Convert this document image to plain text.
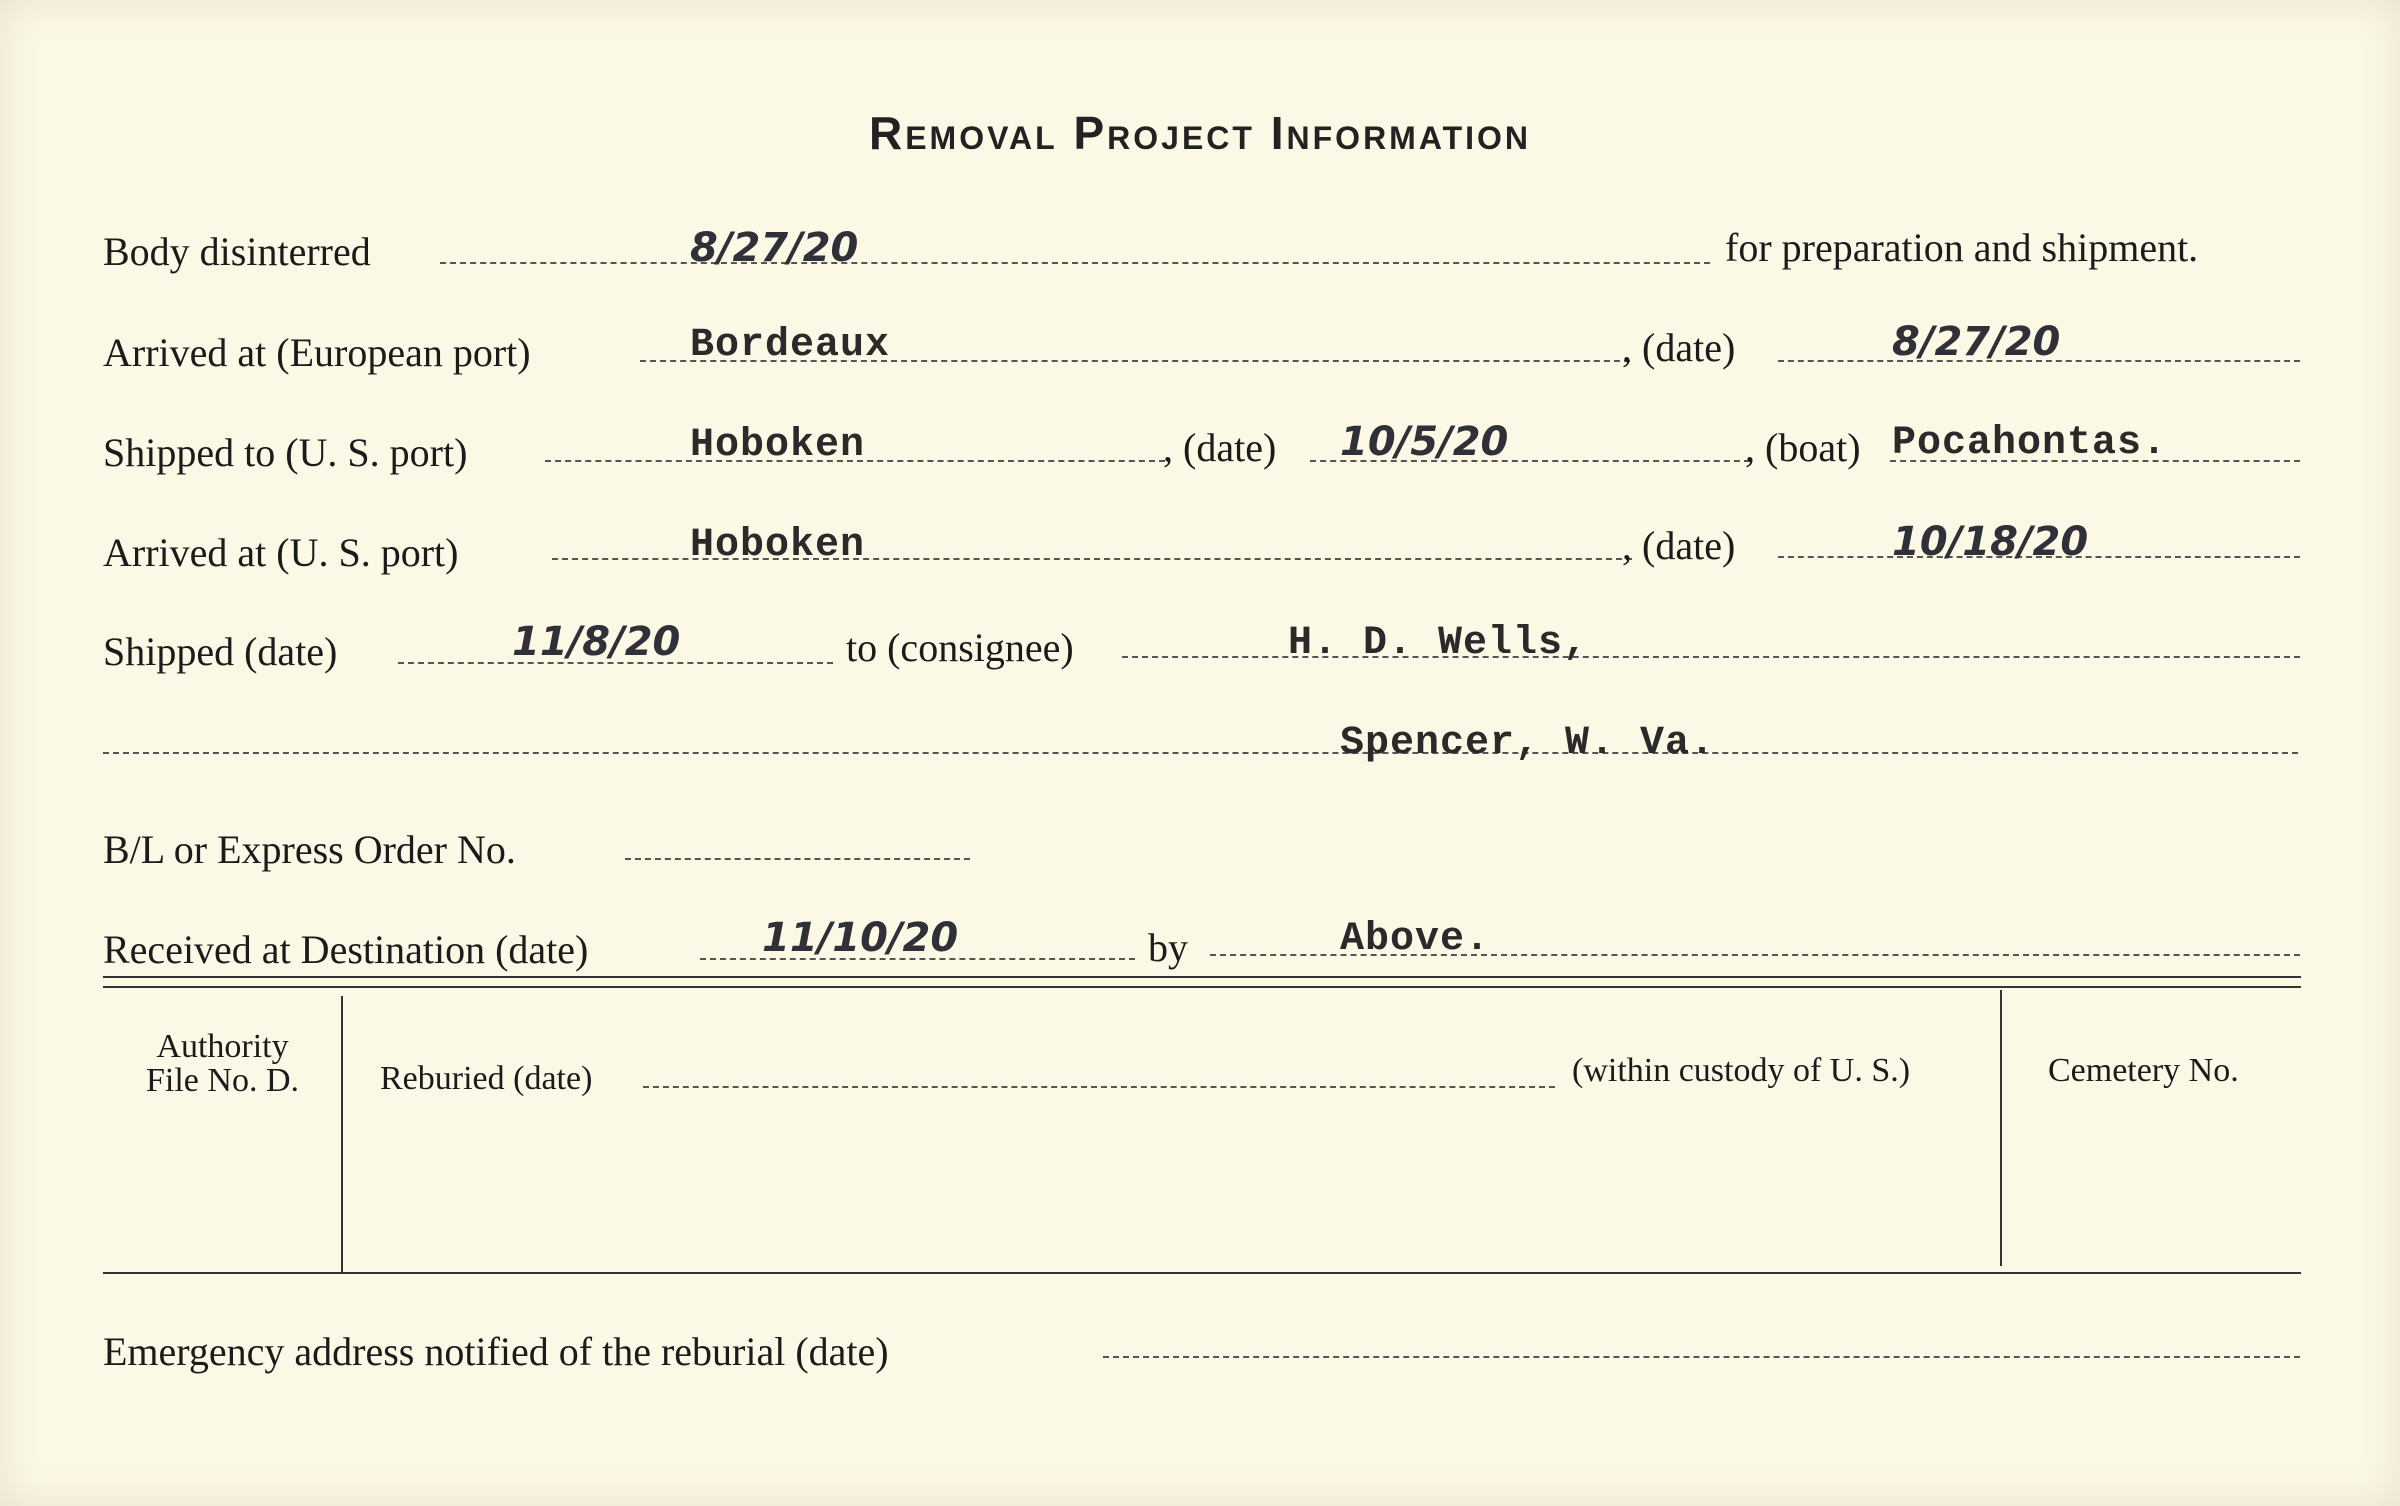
Removal Project Information
Body disinterred	8/27/20	for preparation and shipment.
Arrived at (European port)	Bordeaux	, (date)	8/27/20
Shipped to (U. S. port)	Hoboken	, (date) 10/5/20	, (boat) Pocahontas.
Arrived at (U. S. port)	Hoboken	, (date)	10/18/20
Shipped (date)	11/8/20	to (consignee)	H. D. Wells,
Spencer, W. Va.
B/L or Express Order No.
Received at Destination (date)	11/10/20	by	Above.
Authority
File No. D.	Reburied (date)	(within custody of U. S.)	Cemetery No.
Emergency address notified of the reburial (date)
